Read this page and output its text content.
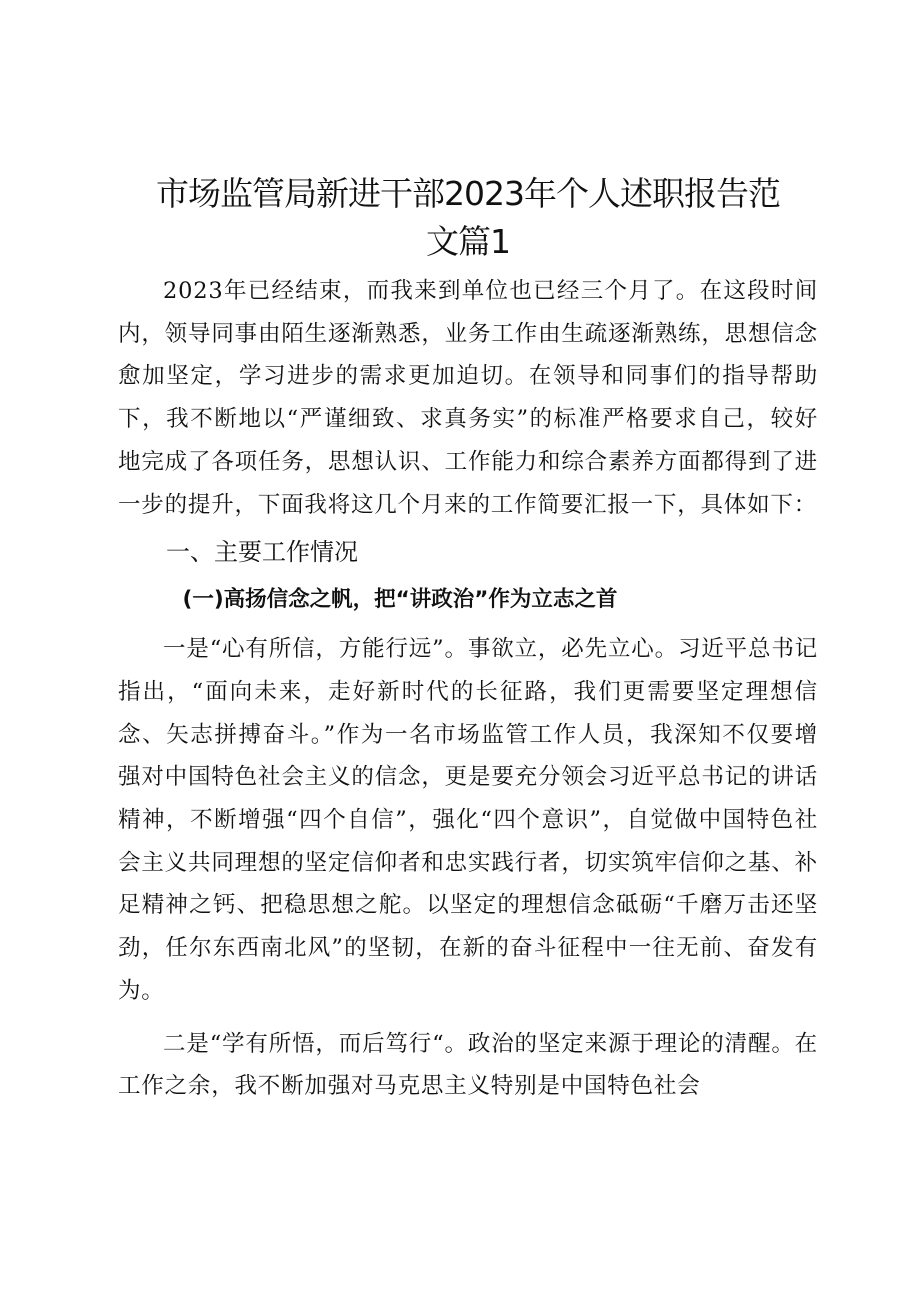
市场监管局新进干部2023年个人述职报告范
文篇1

2023年已经结束，而我来到单位也已经三个月了。在这段时间内，领导同事由陌生逐渐熟悉，业务工作由生疏逐渐熟练，思想信念愈加坚定，学习进步的需求更加迫切。在领导和同事们的指导帮助下，我不断地以“严谨细致、求真务实”的标准严格要求自己，较好地完成了各项任务，思想认识、工作能力和综合素养方面都得到了进一步的提升，下面我将这几个月来的工作简要汇报一下，具体如下：

一、主要工作情况
(一)高扬信念之帆，把“讲政治”作为立志之首

一是“心有所信，方能行远”。事欲立，必先立心。习近平总书记指出，“面向未来，走好新时代的长征路，我们更需要坚定理想信念、矢志拼搏奋斗。”作为一名市场监管工作人员，我深知不仅要增强对中国特色社会主义的信念，更是要充分领会习近平总书记的讲话精神，不断增强“四个自信”，强化“四个意识”，自觉做中国特色社会主义共同理想的坚定信仰者和忠实践行者，切实筑牢信仰之基、补足精神之钙、把稳思想之舵。以坚定的理想信念砥砺“千磨万击还坚劲，任尔东西南北风”的坚韧，在新的奋斗征程中一往无前、奋发有为。

二是“学有所悟，而后笃行“。政治的坚定来源于理论的清醒。在工作之余，我不断加强对马克思主义特别是中国特色社会
